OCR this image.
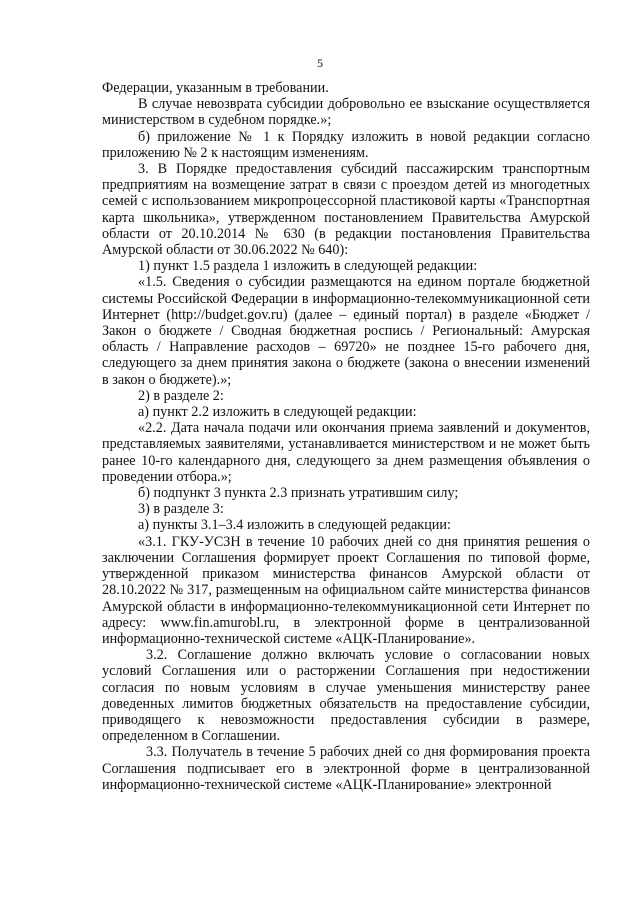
5

Федерации, указанным в требовании.

В случае невозврата субсидии добровольно ее взыскание осуществляется министерством в судебном порядке.»;

б) приложение № 1 к Порядку изложить в новой редакции согласно приложению № 2 к настоящим изменениям.

3. В Порядке предоставления субсидий пассажирским транспортным предприятиям на возмещение затрат в связи с проездом детей из многодетных семей с использованием микропроцессорной пластиковой карты «Транспортная карта школьника», утвержденном постановлением Правительства Амурской области от 20.10.2014 № 630 (в редакции постановления Правительства Амурской области от 30.06.2022 № 640):

1) пункт 1.5 раздела 1 изложить в следующей редакции:

«1.5. Сведения о субсидии размещаются на едином портале бюджетной системы Российской Федерации в информационно-телекоммуникационной сети Интернет (http://budget.gov.ru) (далее – единый портал) в разделе «Бюджет / Закон о бюджете / Сводная бюджетная роспись / Региональный: Амурская область / Направление расходов – 69720» не позднее 15-го рабочего дня, следующего за днем принятия закона о бюджете (закона о внесении изменений в закон о бюджете).»;

2) в разделе 2:

а) пункт 2.2 изложить в следующей редакции:

«2.2. Дата начала подачи или окончания приема заявлений и документов, представляемых заявителями, устанавливается министерством и не может быть ранее 10-го календарного дня, следующего за днем размещения объявления о проведении отбора.»;

б) подпункт 3 пункта 2.3 признать утратившим силу;

3) в разделе 3:

а) пункты 3.1–3.4 изложить в следующей редакции:

«3.1. ГКУ-УСЗН в течение 10 рабочих дней со дня принятия решения о заключении Соглашения формирует проект Соглашения по типовой форме, утвержденной приказом министерства финансов Амурской области от 28.10.2022 № 317, размещенным на официальном сайте министерства финансов Амурской области в информационно-телекоммуникационной сети Интернет по адресу: www.fin.amurobl.ru, в электронной форме в централизованной информационно-технической системе «АЦК-Планирование».

3.2. Соглашение должно включать условие о согласовании новых условий Соглашения или о расторжении Соглашения при недостижении согласия по новым условиям в случае уменьшения министерству ранее доведенных лимитов бюджетных обязательств на предоставление субсидии, приводящего к невозможности предоставления субсидии в размере, определенном в Соглашении.

3.3. Получатель в течение 5 рабочих дней со дня формирования проекта Соглашения подписывает его в электронной форме в централизованной информационно-технической системе «АЦК-Планирование» электронной
